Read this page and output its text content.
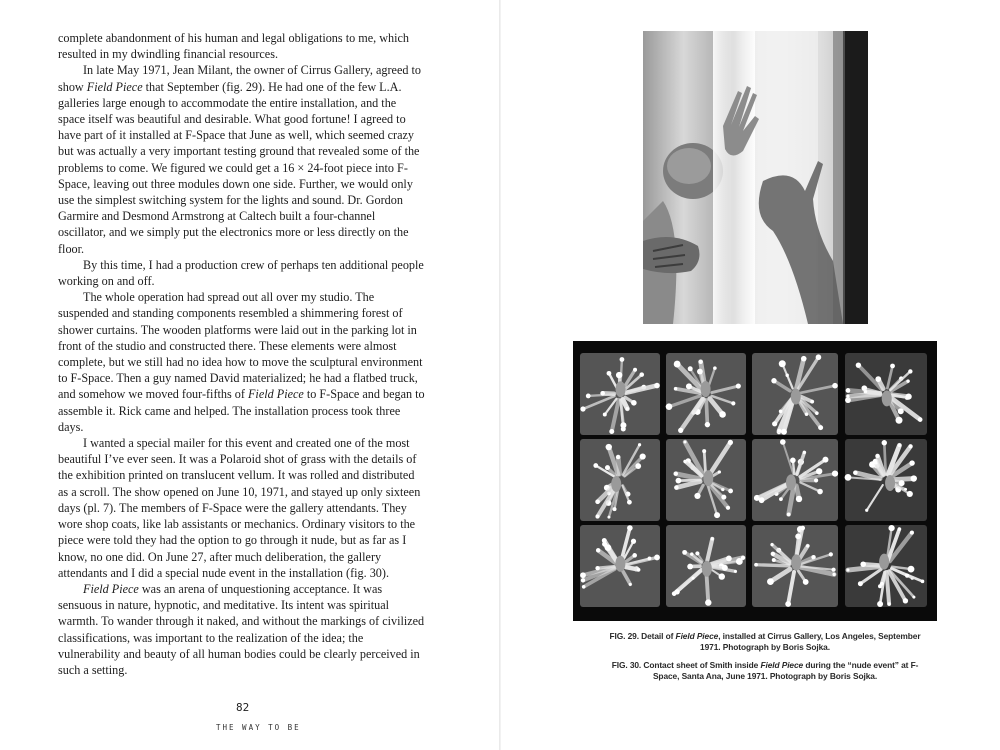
complete abandonment of his human and legal obligations to me, which resulted in my dwindling financial resources.

In late May 1971, Jean Milant, the owner of Cirrus Gallery, agreed to show Field Piece that September (fig. 29). He had one of the few L.A. galleries large enough to accommodate the entire installation, and the space itself was beautiful and desirable. What good fortune! I agreed to have part of it installed at F-Space that June as well, which seemed crazy but was actually a very important testing ground that revealed some of the problems to come. We figured we could get a 16 × 24-foot piece into F-Space, leaving out three modules down one side. Further, we would only use the simplest switching system for the lights and sound. Dr. Gordon Garmire and Desmond Armstrong at Caltech built a four-channel oscillator, and we simply put the electronics more or less directly on the floor.

By this time, I had a production crew of perhaps ten additional people working on and off.

The whole operation had spread out all over my studio. The suspended and standing components resembled a shimmering forest of shower curtains. The wooden platforms were laid out in the parking lot in front of the studio and constructed there. These elements were almost complete, but we still had no idea how to move the sculptural environment to F-Space. Then a guy named David materialized; he had a flatbed truck, and somehow we moved four-fifths of Field Piece to F-Space and began to assemble it. Rick came and helped. The installation process took three days.

I wanted a special mailer for this event and created one of the most beautiful I’ve ever seen. It was a Polaroid shot of grass with the details of the exhibition printed on translucent vellum. It was rolled and distributed as a scroll. The show opened on June 10, 1971, and stayed up only sixteen days (pl. 7). The members of F-Space were the gallery attendants. They wore shop coats, like lab assistants or mechanics. Ordinary visitors to the piece were told they had the option to go through it nude, but as far as I know, no one did. On June 27, after much deliberation, the gallery attendants and I did a special nude event in the installation (fig. 30).

Field Piece was an arena of unquestioning acceptance. It was sensuous in nature, hypnotic, and meditative. Its intent was spiritual warmth. To wander through it naked, and without the markings of civilized classifications, was important to the realization of the idea; the vulnerability and beauty of all human bodies could be clearly perceived in such a setting.

82
THE WAY TO BE
FIG. 29. Detail of Field Piece, installed at Cirrus Gallery, Los Angeles, September 1971. Photograph by Boris Sojka.
FIG. 30. Contact sheet of Smith inside Field Piece during the “nude event” at F-Space, Santa Ana, June 1971. Photograph by Boris Sojka.
